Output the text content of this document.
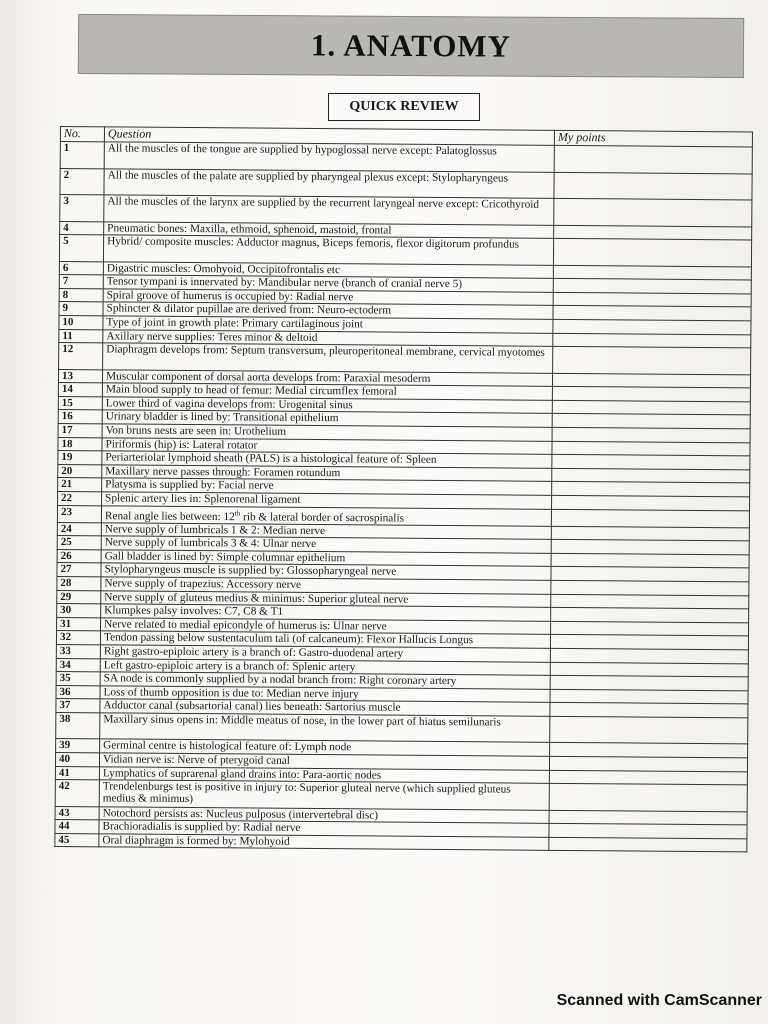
1. ANATOMY
QUICK REVIEW
No.	Question	My points
1	All the muscles of the tongue are supplied by hypoglossal nerve except: Palatoglossus	
2	All the muscles of the palate are supplied by pharyngeal plexus except: Stylopharyngeus	
3	All the muscles of the larynx are supplied by the recurrent laryngeal nerve except: Cricothyroid	
4	Pneumatic bones: Maxilla, ethmoid, sphenoid, mastoid, frontal	
5	Hybrid/ composite muscles: Adductor magnus, Biceps femoris, flexor digitorum profundus	
6	Digastric muscles: Omohyoid, Occipitofrontalis etc	
7	Tensor tympani is innervated by: Mandibular nerve (branch of cranial nerve 5)	
8	Spiral groove of humerus is occupied by: Radial nerve	
9	Sphincter & dilator pupillae are derived from: Neuro-ectoderm	
10	Type of joint in growth plate: Primary cartilaginous joint	
11	Axillary nerve supplies: Teres minor & deltoid	
12	Diaphragm develops from: Septum transversum, pleuroperitoneal membrane, cervical myotomes	
13	Muscular component of dorsal aorta develops from: Paraxial mesoderm	
14	Main blood supply to head of femur: Medial circumflex femoral	
15	Lower third of vagina develops from: Urogenital sinus	
16	Urinary bladder is lined by: Transitional epithelium	
17	Von bruns nests are seen in: Urothelium	
18	Piriformis (hip) is: Lateral rotator	
19	Periarteriolar lymphoid sheath (PALS) is a histological feature of: Spleen	
20	Maxillary nerve passes through: Foramen rotundum	
21	Platysma is supplied by: Facial nerve	
22	Splenic artery lies in: Splenorenal ligament	
23	Renal angle lies between: 12th rib & lateral border of sacrospinalis	
24	Nerve supply of lumbricals 1 & 2: Median nerve	
25	Nerve supply of lumbricals 3 & 4: Ulnar nerve	
26	Gall bladder is lined by: Simple columnar epithelium	
27	Stylopharyngeus muscle is supplied by: Glossopharyngeal nerve	
28	Nerve supply of trapezius: Accessory nerve	
29	Nerve supply of gluteus medius & minimus: Superior gluteal nerve	
30	Klumpkes palsy involves: C7, C8 & T1	
31	Nerve related to medial epicondyle of humerus is: Ulnar nerve	
32	Tendon passing below sustentaculum tali (of calcaneum): Flexor Hallucis Longus	
33	Right gastro-epiploic artery is a branch of: Gastro-duodenal artery	
34	Left gastro-epiploic artery is a branch of: Splenic artery	
35	SA node is commonly supplied by a nodal branch from: Right coronary artery	
36	Loss of thumb opposition is due to: Median nerve injury	
37	Adductor canal (subsartorial canal) lies beneath: Sartorius muscle	
38	Maxillary sinus opens in: Middle meatus of nose, in the lower part of hiatus semilunaris	
39	Germinal centre is histological feature of: Lymph node	
40	Vidian nerve is: Nerve of pterygoid canal	
41	Lymphatics of suprarenal gland drains into: Para-aortic nodes	
42	Trendelenburgs test is positive in injury to: Superior gluteal nerve (which supplied gluteus medius & minimus)	
43	Notochord persists as: Nucleus pulposus (intervertebral disc)	
44	Brachioradialis is supplied by: Radial nerve	
45	Oral diaphragm is formed by: Mylohyoid	
Scanned with CamScanner
